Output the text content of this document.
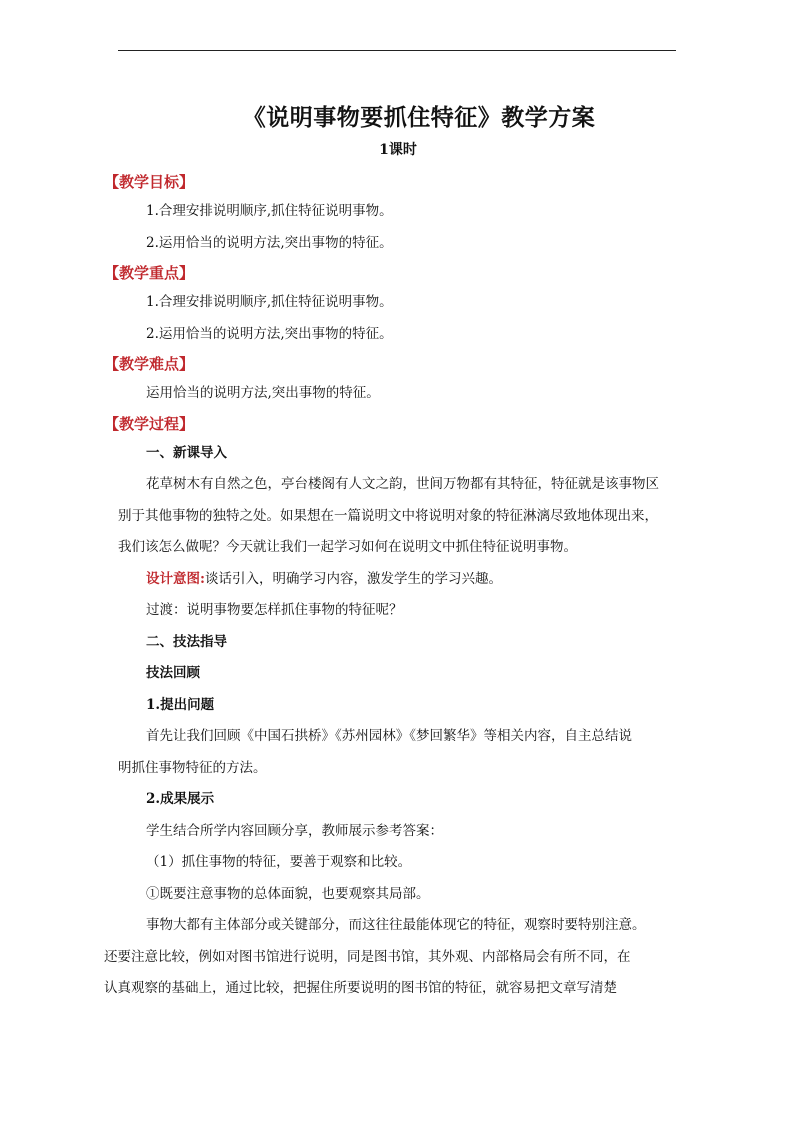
《说明事物要抓住特征》教学方案
1课时
【教学目标】
1.合理安排说明顺序,抓住特征说明事物。
2.运用恰当的说明方法,突出事物的特征。
【教学重点】
1.合理安排说明顺序,抓住特征说明事物。
2.运用恰当的说明方法,突出事物的特征。
【教学难点】
运用恰当的说明方法,突出事物的特征。
【教学过程】
一、新课导入
花草树木有自然之色，亭台楼阁有人文之韵，世间万物都有其特征，特征就是该事物区
别于其他事物的独特之处。如果想在一篇说明文中将说明对象的特征淋漓尽致地体现出来，
我们该怎么做呢？今天就让我们一起学习如何在说明文中抓住特征说明事物。
设计意图:谈话引入，明确学习内容，激发学生的学习兴趣。
过渡：说明事物要怎样抓住事物的特征呢？
二、技法指导
技法回顾
1.提出问题
首先让我们回顾《中国石拱桥》《苏州园林》《梦回繁华》等相关内容，自主总结说
明抓住事物特征的方法。
2.成果展示
学生结合所学内容回顾分享，教师展示参考答案：
（1）抓住事物的特征，要善于观察和比较。
①既要注意事物的总体面貌，也要观察其局部。
事物大都有主体部分或关键部分，而这往往最能体现它的特征，观察时要特别注意。
还要注意比较，例如对图书馆进行说明，同是图书馆，其外观、内部格局会有所不同，在
认真观察的基础上，通过比较，把握住所要说明的图书馆的特征，就容易把文章写清楚
